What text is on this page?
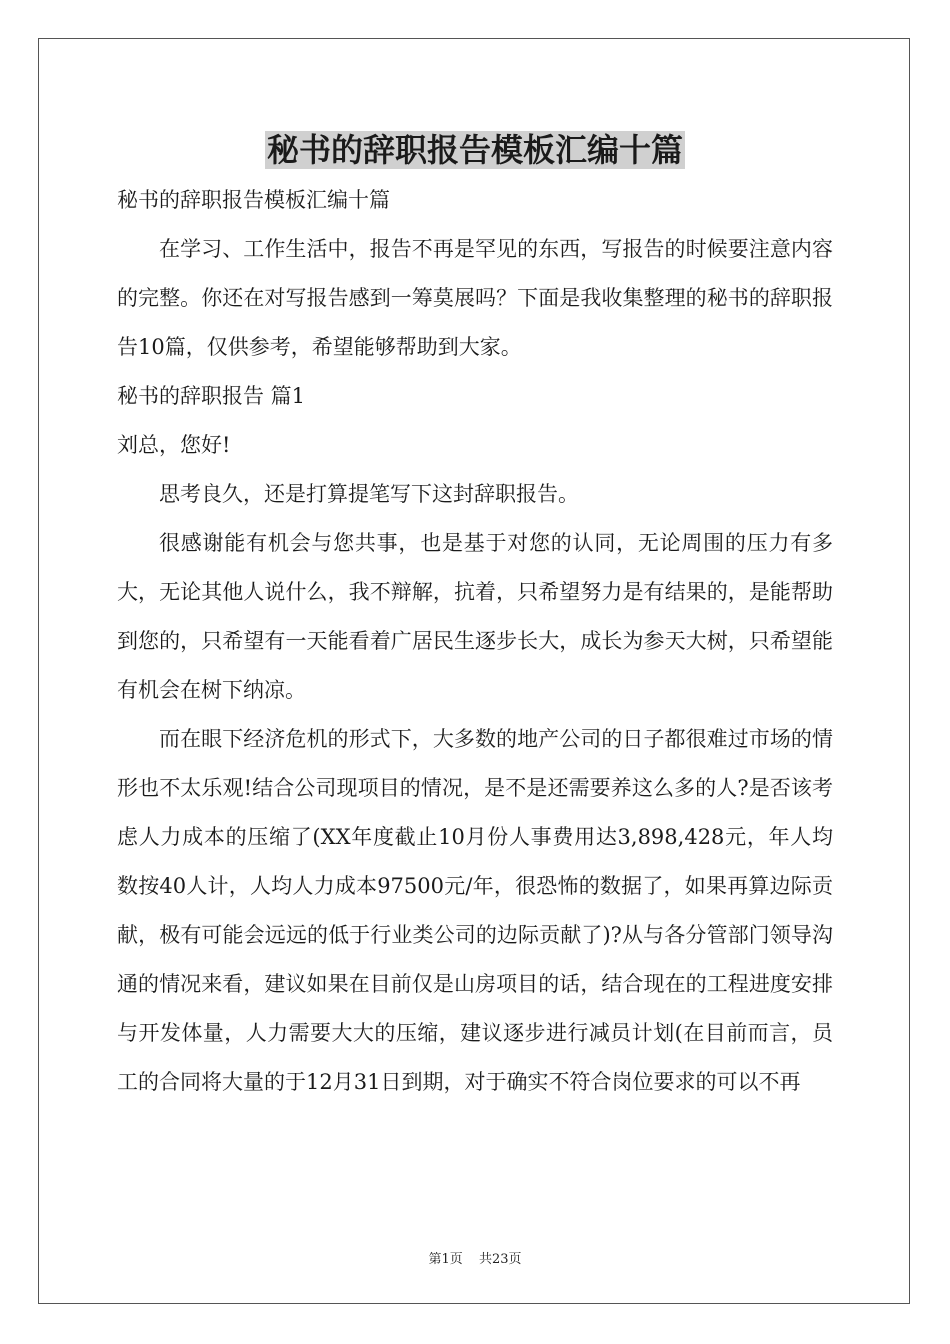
秘书的辞职报告模板汇编十篇

秘书的辞职报告模板汇编十篇

在学习、工作生活中，报告不再是罕见的东西，写报告的时候要注意内容的完整。你还在对写报告感到一筹莫展吗？下面是我收集整理的秘书的辞职报告10篇，仅供参考，希望能够帮助到大家。

秘书的辞职报告 篇1

刘总，您好!

思考良久，还是打算提笔写下这封辞职报告。

很感谢能有机会与您共事，也是基于对您的认同，无论周围的压力有多大，无论其他人说什么，我不辩解，抗着，只希望努力是有结果的，是能帮助到您的，只希望有一天能看着广居民生逐步长大，成长为参天大树，只希望能有机会在树下纳凉。

而在眼下经济危机的形式下，大多数的地产公司的日子都很难过市场的情形也不太乐观!结合公司现项目的情况，是不是还需要养这么多的人?是否该考虑人力成本的压缩了(XX年度截止10月份人事费用达3,898,428元，年人均数按40人计，人均人力成本97500元/年，很恐怖的数据了，如果再算边际贡献，极有可能会远远的低于行业类公司的边际贡献了)?从与各分管部门领导沟通的情况来看，建议如果在目前仅是山房项目的话，结合现在的工程进度安排与开发体量，人力需要大大的压缩，建议逐步进行减员计划(在目前而言，员工的合同将大量的于12月31日到期，对于确实不符合岗位要求的可以不再

第1页 共23页
